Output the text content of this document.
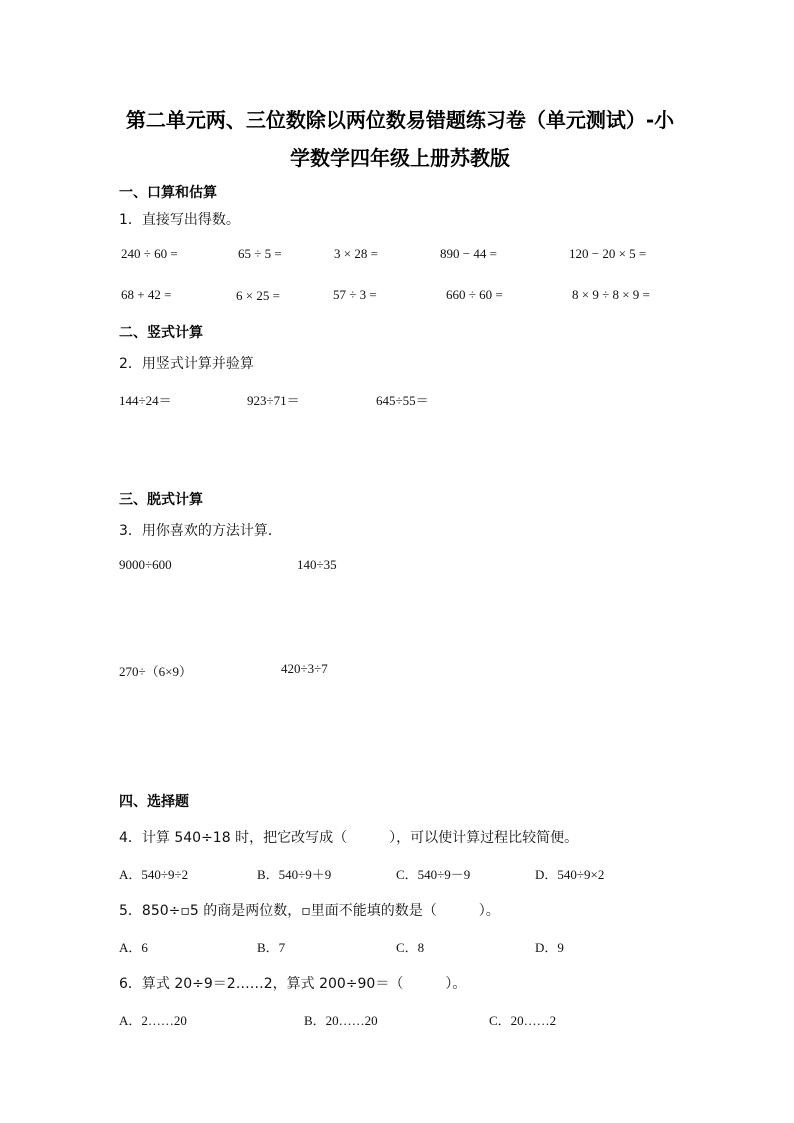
第二单元两、三位数除以两位数易错题练习卷（单元测试）-小
学数学四年级上册苏教版
一、口算和估算
1．直接写出得数。
240 ÷ 60 =	65 ÷ 5 =	3 × 28 =	890 − 44 =	120 − 20 × 5 =
68 + 42 =	6 × 25 =	57 ÷ 3 =	660 ÷ 60 =	8 × 9 ÷ 8 × 9 =
二、竖式计算
2．用竖式计算并验算
144÷24＝	923÷71＝	645÷55＝
三、脱式计算
3．用你喜欢的方法计算．
9000÷600	140÷35
270÷（6×9）	420÷3÷7
四、选择题
4．计算 540÷18 时，把它改写成（　　　），可以使计算过程比较简便。
A．540÷9÷2	B．540÷9＋9	C．540÷9－9	D．540÷9×2
5．850÷▫5 的商是两位数，▫里面不能填的数是（　　　）。
A．6	B．7	C．8	D．9
6．算式 20÷9＝2……2，算式 200÷90＝（　　　）。
A．2……20	B．20……20	C．20……2
